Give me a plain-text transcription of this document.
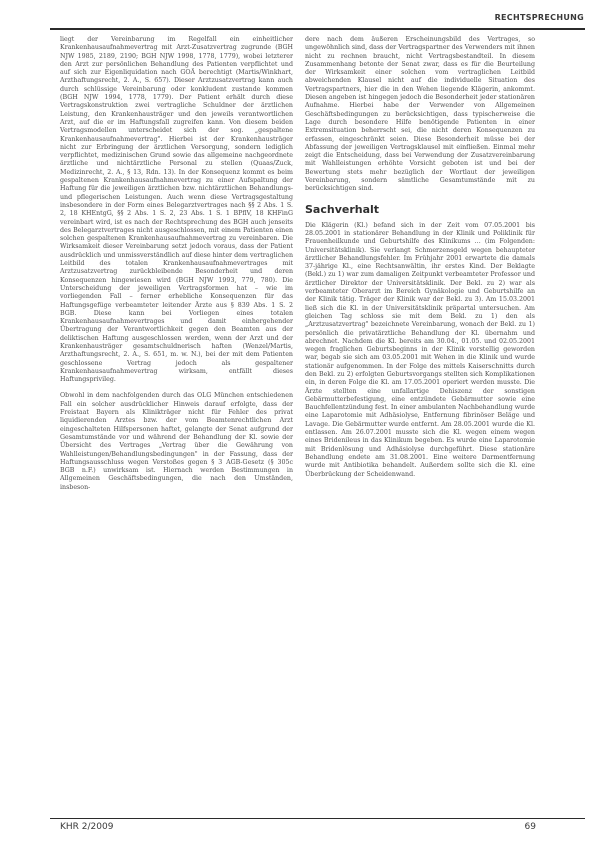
RECHTSPRECHUNG

liegt der Vereinbarung im Regelfall ein einheitlicher Krankenhausaufnahmevertrag mit Arzt-Zusatzvertrag zugrunde (BGH NJW 1985, 2189, 2190; BGH NJW 1998, 1778, 1779), wobei letzterer den Arzt zur persönlichen Behandlung des Patienten verpflichtet und auf sich zur Eigenliquidation nach GOÄ berechtigt (Martis/Winkhart, Arzthaftungsrecht, 2. A., S. 657). Dieser Arztzusatzvertrag kann auch durch schlüssige Vereinbarung oder konkludent zustande kommen (BGH NJW 1994, 1778, 1779). Der Patient erhält durch diese Vertragskonstruktion zwei vertragliche Schuldner der ärztlichen Leistung, den Krankenhausträger und den jeweils verantwortlichen Arzt, auf die er im Haftungsfall zugreifen kann. Von diesem beiden Vertragsmodellen unterscheidet sich der sog. „gespaltene Krankenhausaufnahmevertrag". Hierbei ist der Krankenhausträger nicht zur Erbringung der ärztlichen Versorgung, sondern lediglich verpflichtet, medizinischen Grund sowie das allgemeine nachgeordnete ärztliche und nichtärztliche Personal zu stellen (Quaas/Zuck, Medizinrecht, 2. A., § 13, Rdn. 13). In der Konsequenz kommt es beim gespaltenen Krankenhausaufnahmevertrag zu einer Aufspaltung der Haftung für die jeweiligen ärztlichen bzw. nichtärztlichen Behandlungs- und pflegerischen Leistungen. Auch wenn diese Vertragsgestaltung insbesondere in der Form eines Belegarztvertrages nach §§ 2 Abs. 1 S. 2, 18 KHEntgG, §§ 2 Abs. 1 S. 2, 23 Abs. 1 S. 1 BPflV, 18 KHFinG vereinbart wird, ist es nach der Rechtsprechung des BGH auch jenseits des Belegarztvertrages nicht ausgeschlossen, mit einem Patienten einen solchen gespaltenen Krankenhausaufnahmevertrag zu vereinbaren. Die Wirksamkeit dieser Vereinbarung setzt jedoch voraus, dass der Patient ausdrücklich und unmissverständlich auf diese hinter dem vertraglichen Leitbild des totalen Krankenhausaufnahmevertrages mit Arztzusatzvertrag zurückbleibende Besonderheit und deren Konsequenzen hingewiesen wird (BGH NJW 1993, 779, 780). Die Unterscheidung der jeweiligen Vertragsformen hat – wie im vorliegenden Fall – ferner erhebliche Konsequenzen für das Haftungsgefüge verbeamteter leitender Ärzte aus § 839 Abs. 1 S. 2 BGB. Diese kann bei Vorliegen eines totalen Krankenhausaufnahmevertrages und damit einhergehender Übertragung der Verantwortlichkeit gegen den Beamten aus der deliktischen Haftung ausgeschlossen werden, wenn der Arzt und der Krankenhausträger gesamtschuldnerisch haften (Wenzel/Martis, Arzthaftungsrecht, 2. A., S. 651, m. w. N.), bei der mit dem Patienten geschlossene Vertrag jedoch als gespaltener Krankenhausaufnahmevertrag wirksam, entfällt dieses Haftungsprivileg.

Obwohl in dem nachfolgenden durch das OLG München entschiedenen Fall ein solcher ausdrücklicher Hinweis darauf erfolgte, dass der Freistaat Bayern als Klinikträger nicht für Fehler des privat liquidierenden Arztes bzw. der vom Beamtenrechtlichen Arzt eingeschalteten Hilfspersonen haftet, gelangte der Senat aufgrund der Gesamtumstände vor und während der Behandlung der Kl. sowie der Übersicht des Vertrages „Vertrag über die Gewährung von Wahlleistungen/Behandlungsbedingungen" in der Fassung, dass der Haftungsausschluss wegen Verstoßes gegen § 3 AGB-Gesetz (§ 305c BGB n.F.) unwirksam ist. Hiernach werden Bestimmungen in Allgemeinen Geschäftsbedingungen, die nach den Umständen, insbeson-

dere nach dem äußeren Erscheinungsbild des Vertrages, so ungewöhnlich sind, dass der Vertragspartner des Verwenders mit ihnen nicht zu rechnen braucht, nicht Vertragsbestandteil. In diesem Zusammenhang betonte der Senat zwar, dass es für die Beurteilung der Wirksamkeit einer solchen vom vertraglichen Leitbild abweichenden Klausel nicht auf die individuelle Situation des Vertragspartners, hier die in den Wehen liegende Klägerin, ankommt. Diesen angeben ist hingegen jedoch die Besonderheit jeder stationären Aufnahme. Hierbei habe der Verwender von Allgemeinen Geschäftsbedingungen zu berücksichtigen, dass typischerweise die Lage durch besondere Hilfe benötigende Patienten in einer Extremsituation beherrscht sei, die nicht deren Konsequenzen zu erfassen, eingeschränkt seien. Diese Besonderheit müsse bei der Abfassung der jeweiligen Vertragsklausel mit einfließen. Einmal mehr zeigt die Entscheidung, dass bei Verwendung der Zusatzvereinbarung mit Wahlleistungen erhöhte Vorsicht geboten ist und bei der Bewertung stets mehr bezüglich der Wortlaut der jeweiligen Vereinbarung, sondern sämtliche Gesamtumstände mit zu berücksichtigen sind.

Sachverhalt

Die Klägerin (Kl.) befand sich in der Zeit vom 07.05.2001 bis 28.05.2001 in stationärer Behandlung in der Klinik und Poliklinik für Frauenheilkunde und Geburtshilfe des Klinikums … (im Folgenden: Universitätsklinik). Sie verlangt Schmerzensgeld wegen behaupteter ärztlicher Behandlungsfehler. Im Frühjahr 2001 erwartete die damals 37-jährige Kl., eine Rechtsanwältin, ihr erstes Kind. Der Beklagte (Bekl.) zu 1) war zum damaligen Zeitpunkt verbeamteter Professor und ärztlicher Direktor der Universitätsklinik. Der Bekl. zu 2) war als verbeamteter Oberarzt im Bereich Gynäkologie und Geburtshilfe an der Klinik tätig. Träger der Klinik war der Bekl. zu 3). Am 15.03.2001 ließ sich die Kl. in der Universitätsklinik präpartal untersuchen. Am gleichen Tag schloss sie mit dem Bekl. zu 1) den als „Arztzusatzvertrag" bezeichnete Vereinbarung, wonach der Bekl. zu 1) persönlich die privatärztliche Behandlung der Kl. übernahm und abrechnet. Nachdem die Kl. bereits am 30.04., 01.05. und 02.05.2001 wegen fraglichen Geburtsbeginns in der Klinik vorstellig geworden war, begab sie sich am 03.05.2001 mit Wehen in die Klinik und wurde stationär aufgenommen. In der Folge des mittels Kaiserschnitts durch den Bekl. zu 2) erfolgten Geburtsvorgangs stellten sich Komplikationen ein, in deren Folge die Kl. am 17.05.2001 operiert werden musste. Die Ärzte stellten eine unfallartige Dehiszenz der sonstigen Gebärmutterbefestigung, eine entzündete Gebärmutter sowie eine Bauchfellentzündung fest. In einer ambulanten Nachbehandlung wurde eine Laparotomie mit Adhäsiolyse, Entfernung fibrinöser Beläge und Lavage. Die Gebärmutter wurde entfernt. Am 28.05.2001 wurde die Kl. entlassen. Am 26.07.2001 musste sich die Kl. wegen einem wegen eines Bridenileus in das Klinikum begeben. Es wurde eine Laparotomie mit Bridenlösung und Adhäsiolyse durchgeführt. Diese stationäre Behandlung endete am 31.08.2001. Eine weitere Darmentfernung wurde mit Antibiotika behandelt. Außerdem sollte sich die Kl. eine Überbrückung der Scheidenwand.

KHR 2/2009	69
